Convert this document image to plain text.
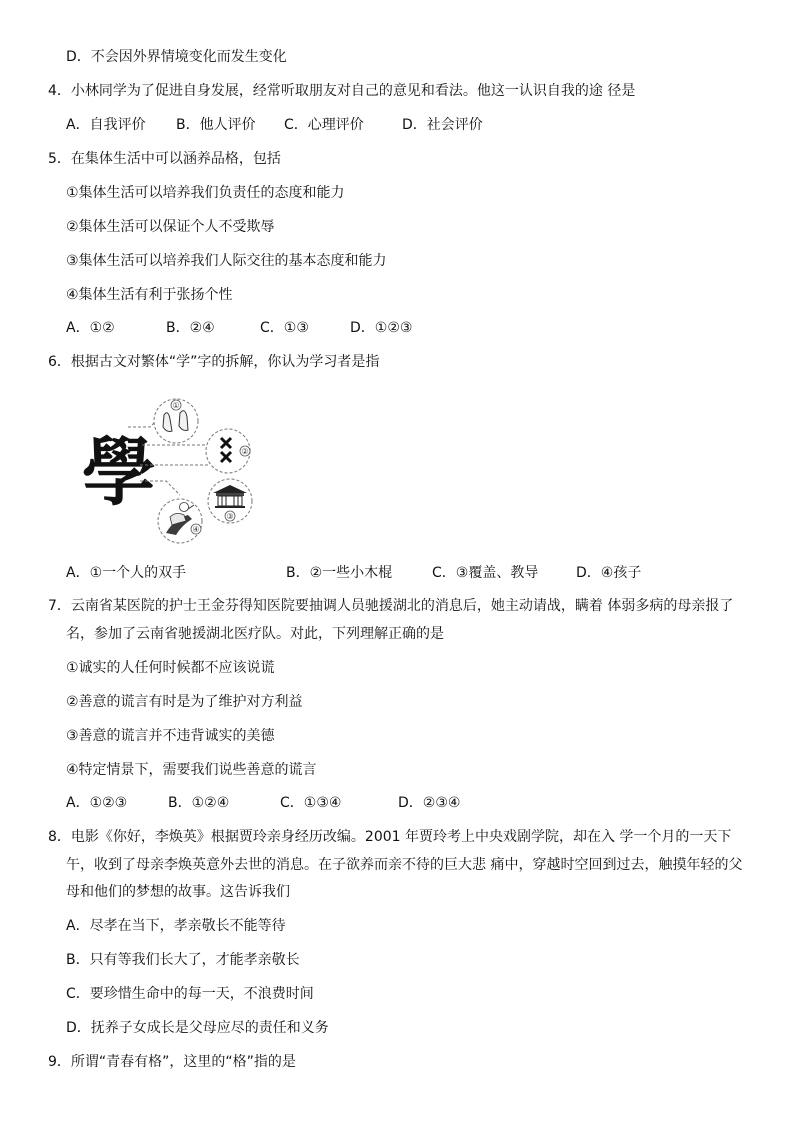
D．不会因外界情境变化而发生变化
4．小林同学为了促进自身发展，经常听取朋友对自己的意见和看法。他这一认识自我的途 径是
A．自我评价 B．他人评价 C．心理评价	D．社会评价
5．在集体生活中可以涵养品格，包括
①集体生活可以培养我们负责任的态度和能力
②集体生活可以保证个人不受欺辱
③集体生活可以培养我们人际交往的基本态度和能力
④集体生活有利于张扬个性
A．①②	B．②④	C．①③	D．①②③
6．根据古文对繁体“学”字的拆解，你认为学习者是指
學
①
②
③
④
A．①一个人的双手	B．②一些小木棍	C．③覆盖、教导	D．④孩子
7．云南省某医院的护士王金芬得知医院要抽调人员驰援湖北的消息后，她主动请战，瞒着 体弱多病的母亲报了
名，参加了云南省驰援湖北医疗队。对此，下列理解正确的是
①诚实的人任何时候都不应该说谎
②善意的谎言有时是为了维护对方利益
③善意的谎言并不违背诚实的美德
④特定情景下，需要我们说些善意的谎言
A．①②③	B．①②④	C．①③④	D．②③④
8．电影《你好，李焕英》根据贾玲亲身经历改编。2001 年贾玲考上中央戏剧学院，却在入 学一个月的一天下
午，收到了母亲李焕英意外去世的消息。在子欲养而亲不待的巨大悲 痛中，穿越时空回到过去，触摸年轻的父
母和他们的梦想的故事。这告诉我们
A．尽孝在当下，孝亲敬长不能等待
B．只有等我们长大了，才能孝亲敬长
C．要珍惜生命中的每一天，不浪费时间
D．抚养子女成长是父母应尽的责任和义务
9．所谓“青春有格”，这里的“格”指的是
